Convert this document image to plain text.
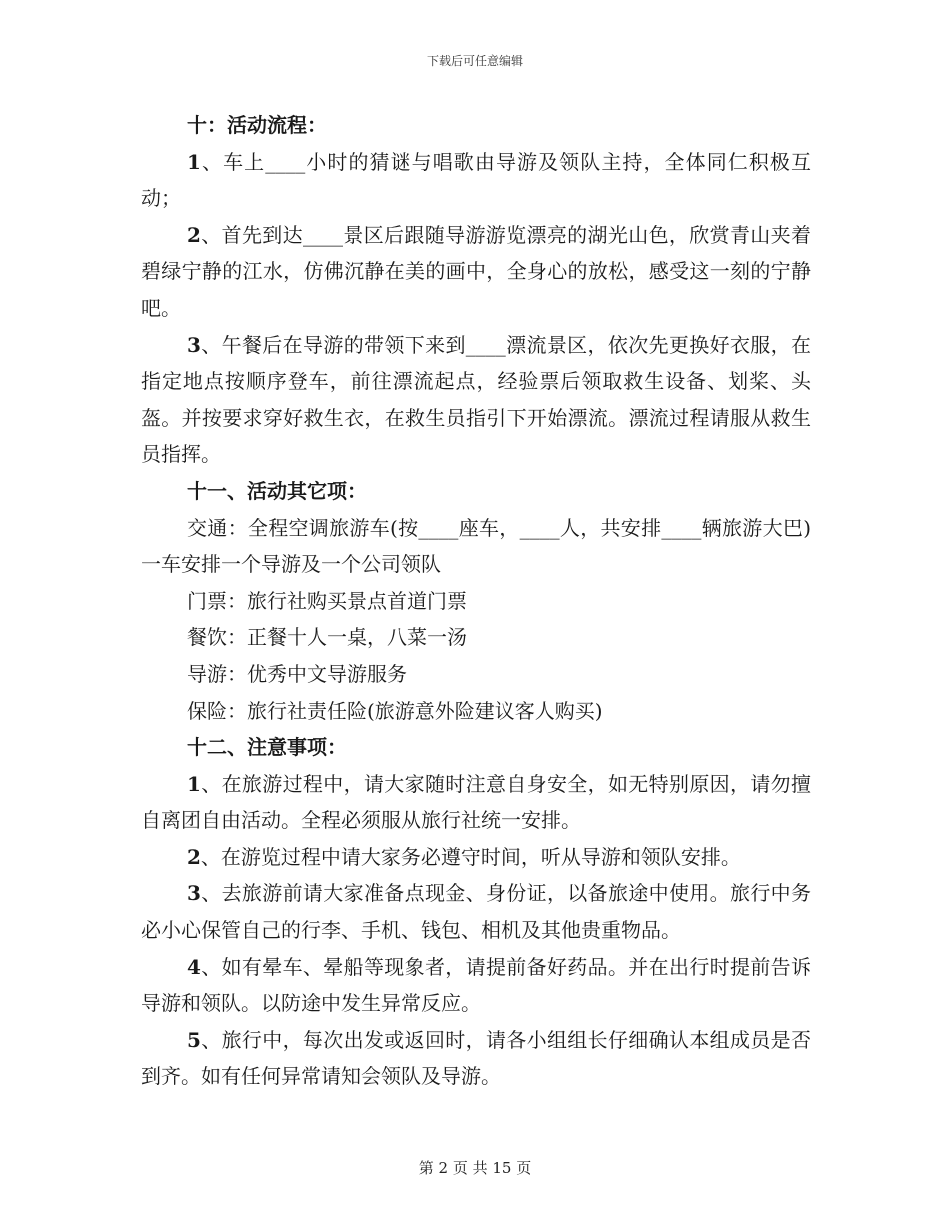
下载后可任意编辑

十：活动流程：

1、车上____小时的猜谜与唱歌由导游及领队主持，全体同仁积极互动；

2、首先到达____景区后跟随导游游览漂亮的湖光山色，欣赏青山夹着碧绿宁静的江水，仿佛沉静在美的画中，全身心的放松，感受这一刻的宁静吧。

3、午餐后在导游的带领下来到____漂流景区，依次先更换好衣服，在指定地点按顺序登车，前往漂流起点，经验票后领取救生设备、划桨、头盔。并按要求穿好救生衣，在救生员指引下开始漂流。漂流过程请服从救生员指挥。

十一、活动其它项：

交通：全程空调旅游车(按____座车，____人，共安排____辆旅游大巴)一车安排一个导游及一个公司领队

门票：旅行社购买景点首道门票

餐饮：正餐十人一桌，八菜一汤

导游：优秀中文导游服务

保险：旅行社责任险(旅游意外险建议客人购买)

十二、注意事项：

1、在旅游过程中，请大家随时注意自身安全，如无特别原因，请勿擅自离团自由活动。全程必须服从旅行社统一安排。

2、在游览过程中请大家务必遵守时间，听从导游和领队安排。

3、去旅游前请大家准备点现金、身份证，以备旅途中使用。旅行中务必小心保管自己的行李、手机、钱包、相机及其他贵重物品。

4、如有晕车、晕船等现象者，请提前备好药品。并在出行时提前告诉导游和领队。以防途中发生异常反应。

5、旅行中，每次出发或返回时，请各小组组长仔细确认本组成员是否到齐。如有任何异常请知会领队及导游。

第 2 页 共 15 页
